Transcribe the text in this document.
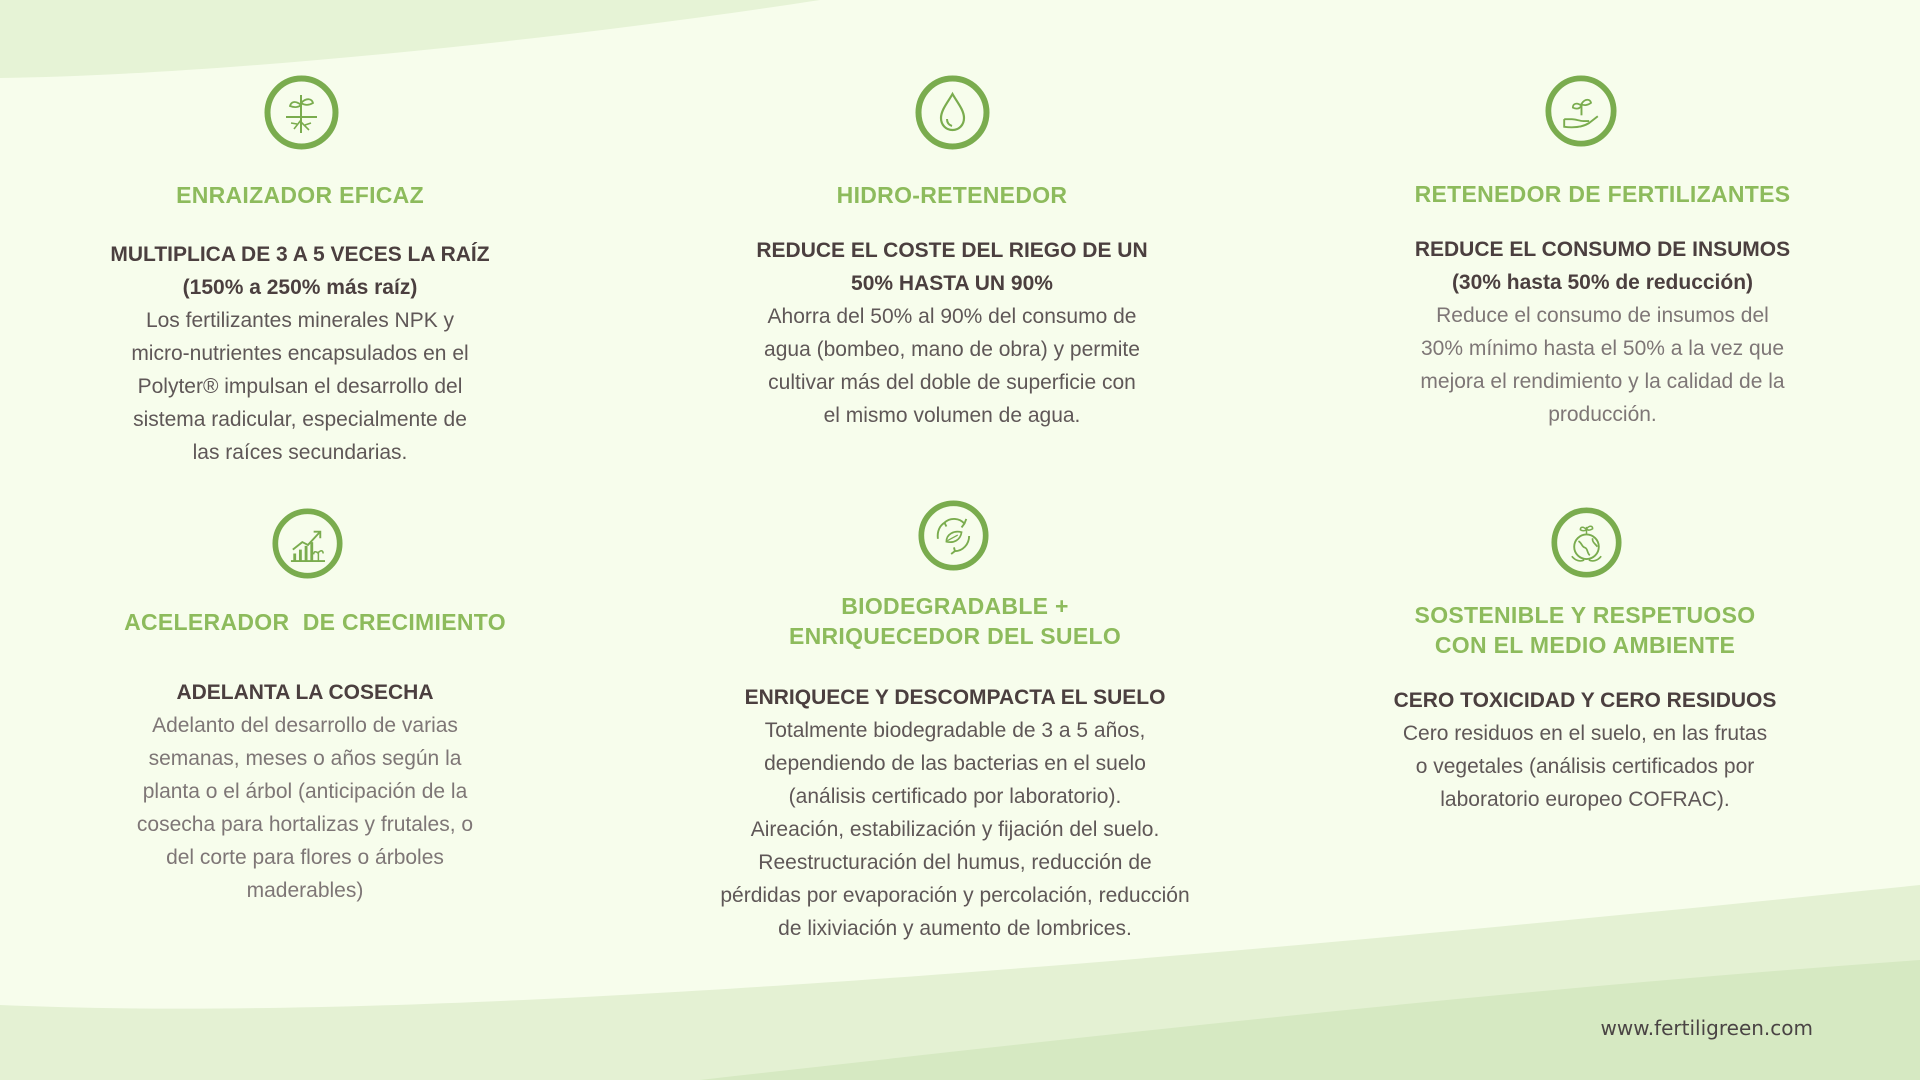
ENRAIZADOR EFICAZ

MULTIPLICA DE 3 A 5 VECES LA RAÍZ

(150% a 250% más raíz)

Los fertilizantes minerales NPK y

micro-nutrientes encapsulados en el

Polyter® impulsan el desarrollo del

sistema radicular, especialmente de

las raíces secundarias.

HIDRO-RETENEDOR

REDUCE EL COSTE DEL RIEGO DE UN

50% HASTA UN 90%

Ahorra del 50% al 90% del consumo de

agua (bombeo, mano de obra) y permite

cultivar más del doble de superficie con

el mismo volumen de agua.

RETENEDOR DE FERTILIZANTES

REDUCE EL CONSUMO DE INSUMOS

(30% hasta 50% de reducción)

Reduce el consumo de insumos del

30% mínimo hasta el 50% a la vez que

mejora el rendimiento y la calidad de la

producción.

ACELERADOR  DE CRECIMIENTO

ADELANTA LA COSECHA

Adelanto del desarrollo de varias

semanas, meses o años según la

planta o el árbol (anticipación de la

cosecha para hortalizas y frutales, o

del corte para flores o árboles

maderables)

BIODEGRADABLE +

ENRIQUECEDOR DEL SUELO

ENRIQUECE Y DESCOMPACTA EL SUELO

Totalmente biodegradable de 3 a 5 años,

dependiendo de las bacterias en el suelo

(análisis certificado por laboratorio).

Aireación, estabilización y fijación del suelo.

Reestructuración del humus, reducción de

pérdidas por evaporación y percolación, reducción

de lixiviación y aumento de lombrices.

SOSTENIBLE Y RESPETUOSO

CON EL MEDIO AMBIENTE

CERO TOXICIDAD Y CERO RESIDUOS

Cero residuos en el suelo, en las frutas

o vegetales (análisis certificados por

laboratorio europeo COFRAC).

www.fertiligreen.com
